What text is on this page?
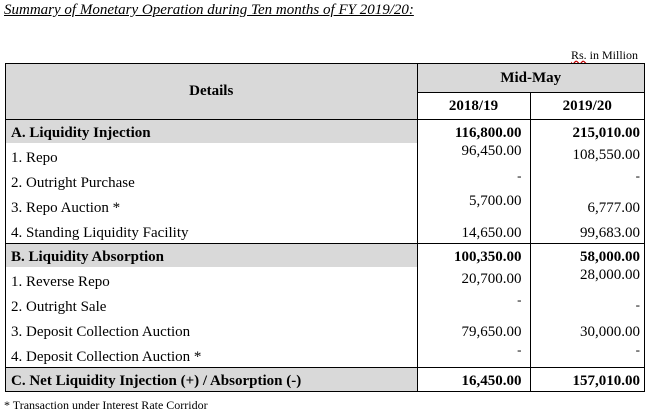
Summary of Monetary Operation during Ten months of FY 2019/20:
Rs. in Million
Details	Mid-May	
	2018/19	2019/20
A. Liquidity Injection	116,800.00	215,010.00
1. Repo	96,450.00	108,550.00
2. Outright Purchase	-	-
3. Repo Auction *	5,700.00	6,777.00
4. Standing Liquidity Facility	14,650.00	99,683.00
B. Liquidity Absorption	100,350.00	58,000.00
1. Reverse Repo	20,700.00	28,000.00
2. Outright Sale	-	-
3. Deposit Collection Auction	79,650.00	30,000.00
4. Deposit Collection Auction *	-	-
C. Net Liquidity Injection (+) / Absorption (-)	16,450.00	157,010.00
* Transaction under Interest Rate Corridor
